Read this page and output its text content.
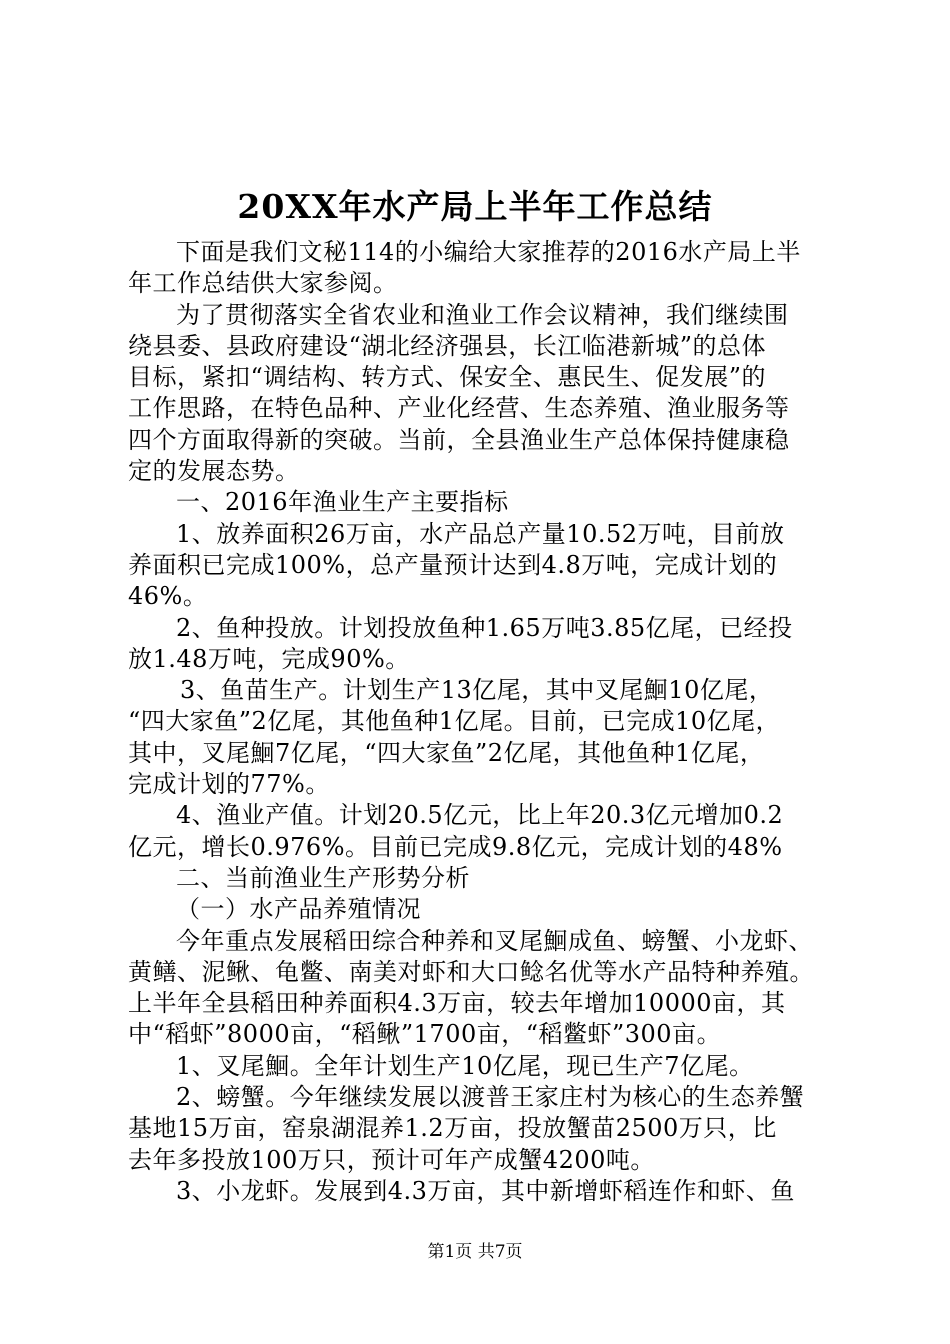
20XX年水产局上半年工作总结
下面是我们文秘114的小编给大家推荐的2016水产局上半
年工作总结供大家参阅。
为了贯彻落实全省农业和渔业工作会议精神，我们继续围
绕县委、县政府建设“湖北经济强县，长江临港新城”的总体
目标，紧扣“调结构、转方式、保安全、惠民生、促发展”的
工作思路，在特色品种、产业化经营、生态养殖、渔业服务等
四个方面取得新的突破。当前，全县渔业生产总体保持健康稳
定的发展态势。
一、2016年渔业生产主要指标
1、放养面积26万亩，水产品总产量10.52万吨，目前放
养面积已完成100%，总产量预计达到4.8万吨，完成计划的
46%。
2、鱼种投放。计划投放鱼种1.65万吨3.85亿尾，已经投
放1.48万吨，完成90%。
3、鱼苗生产。计划生产13亿尾，其中叉尾鮰10亿尾，
“四大家鱼”2亿尾，其他鱼种1亿尾。目前，已完成10亿尾，
其中，叉尾鮰7亿尾，“四大家鱼”2亿尾，其他鱼种1亿尾，
完成计划的77%。
4、渔业产值。计划20.5亿元，比上年20.3亿元增加0.2
亿元，增长0.976%。目前已完成9.8亿元，完成计划的48%
二、当前渔业生产形势分析
（一）水产品养殖情况
今年重点发展稻田综合种养和叉尾鮰成鱼、螃蟹、小龙虾、
黄鳝、泥鳅、龟鳖、南美对虾和大口鲶名优等水产品特种养殖。
上半年全县稻田种养面积4.3万亩，较去年增加10000亩，其
中“稻虾”8000亩，“稻鳅”1700亩，“稻鳖虾”300亩。
1、叉尾鮰。全年计划生产10亿尾，现已生产7亿尾。
2、螃蟹。今年继续发展以渡普王家庄村为核心的生态养蟹
基地15万亩，窑泉湖混养1.2万亩，投放蟹苗2500万只，比
去年多投放100万只，预计可年产成蟹4200吨。
3、小龙虾。发展到4.3万亩，其中新增虾稻连作和虾、鱼
第1页 共7页
